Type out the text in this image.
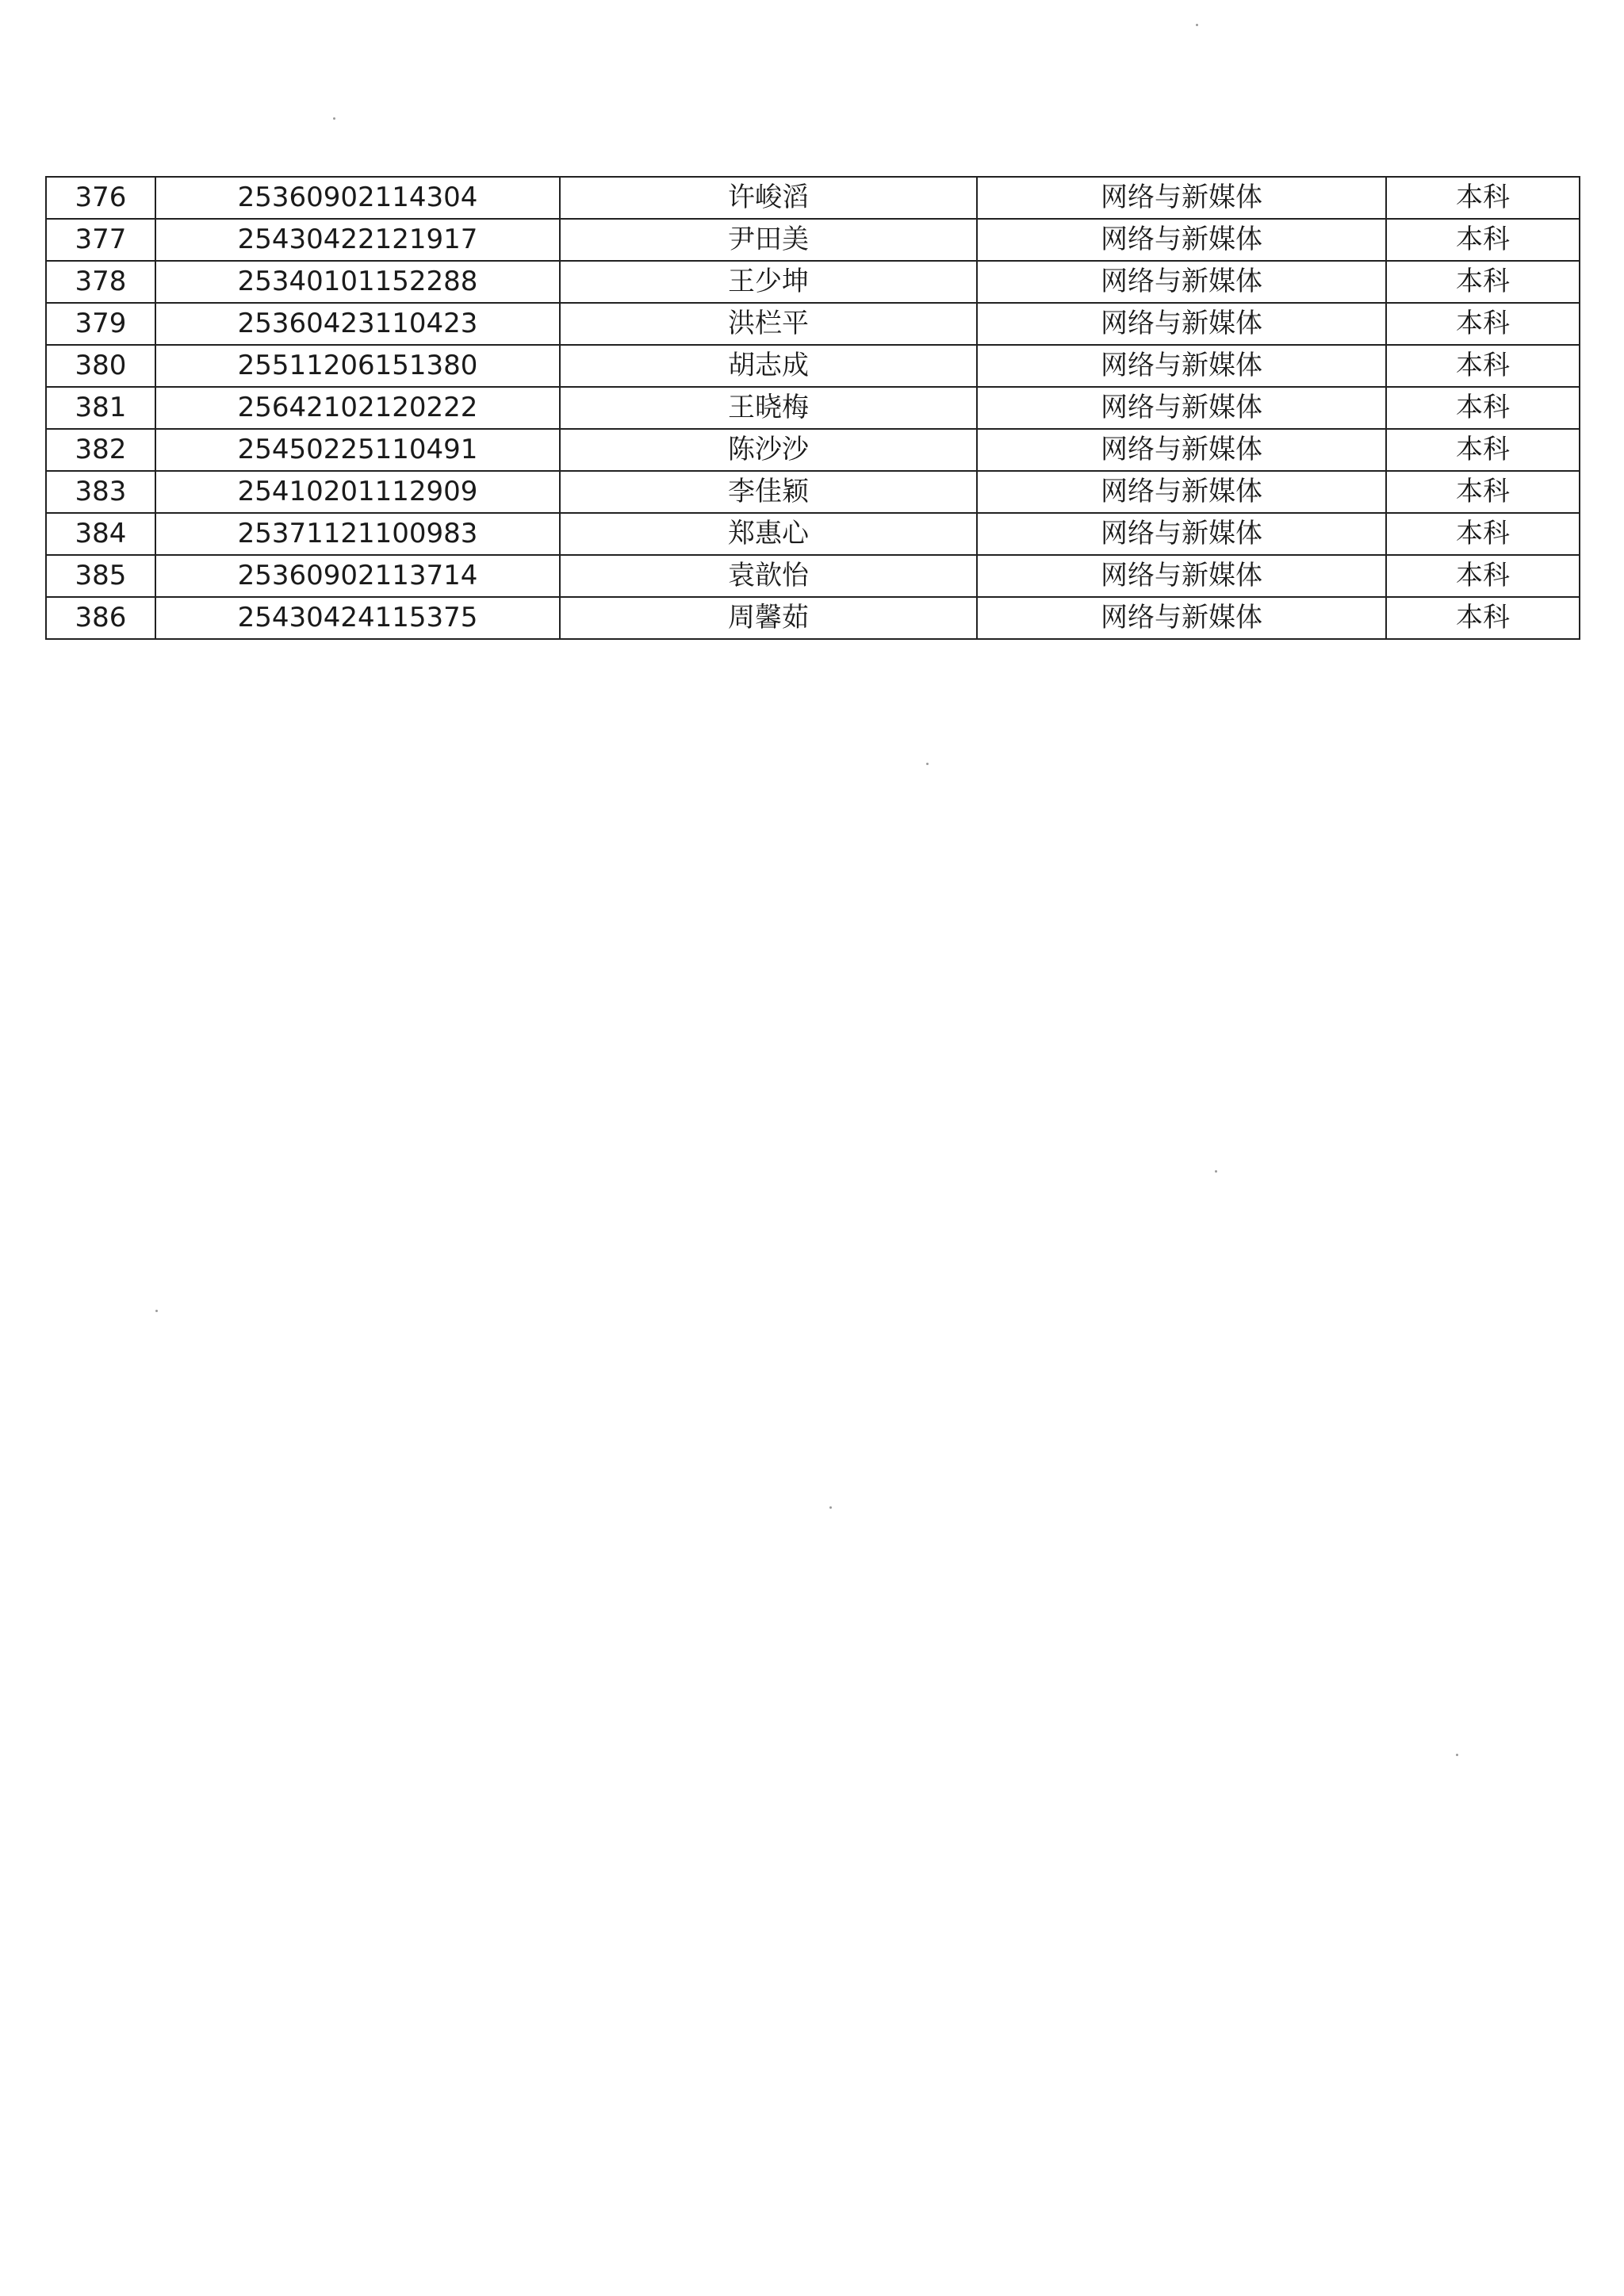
376	25360902114304	许峻滔	网络与新媒体	本科
377	25430422121917	尹田美	网络与新媒体	本科
378	25340101152288	王少坤	网络与新媒体	本科
379	25360423110423	洪栏平	网络与新媒体	本科
380	25511206151380	胡志成	网络与新媒体	本科
381	25642102120222	王晓梅	网络与新媒体	本科
382	25450225110491	陈沙沙	网络与新媒体	本科
383	25410201112909	李佳颖	网络与新媒体	本科
384	25371121100983	郑惠心	网络与新媒体	本科
385	25360902113714	袁歆怡	网络与新媒体	本科
386	25430424115375	周馨茹	网络与新媒体	本科
